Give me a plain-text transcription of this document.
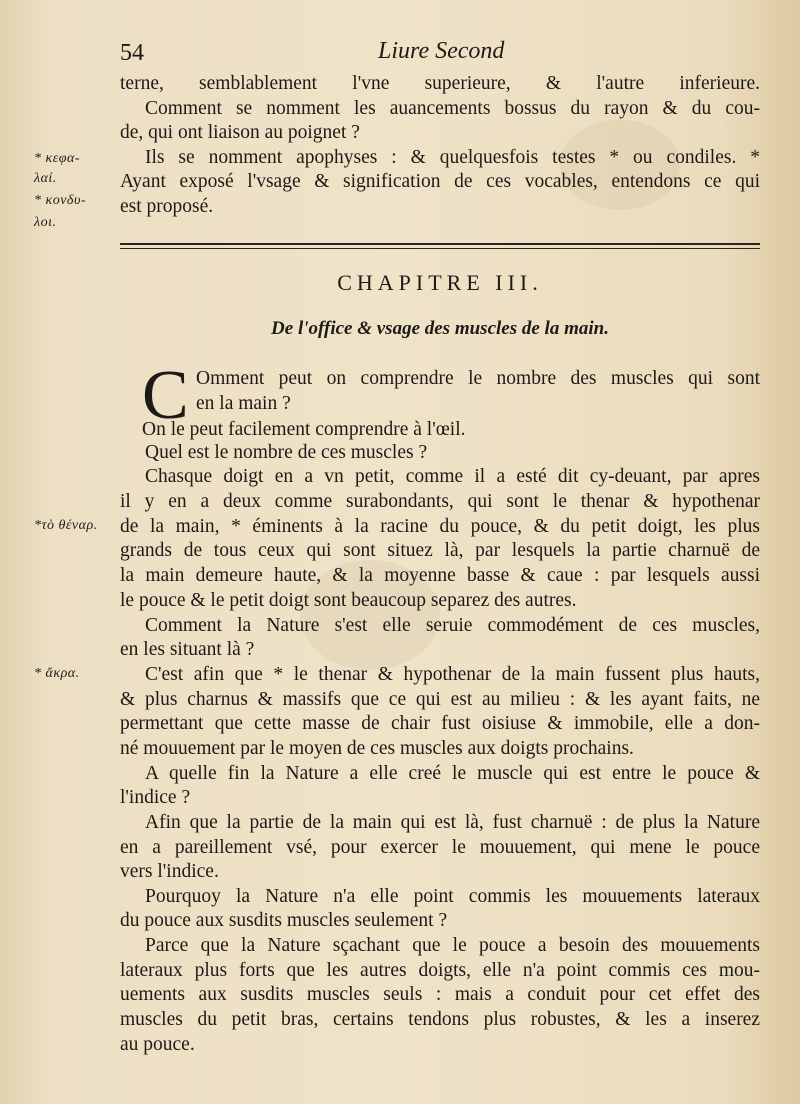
54	Liure Second
* κεφα-
λαί.
* κονδυ-
λοι.
*τὸ θέναρ.
* ἄκρα.
terne, semblablement l'vne superieure, & l'autre inferieure.
Comment se nomment les auancements bossus du rayon & du cou-
de, qui ont liaison au poignet ?
Ils se nomment apophyses : & quelquesfois testes * ou condiles. *
Ayant exposé l'vsage & signification de ces vocables, entendons ce qui
est proposé.
CHAPITRE III.
De l'office & vsage des muscles de la main.
C Omment peut on comprendre le nombre des muscles qui sont
en la main ?
On le peut facilement comprendre à l'œil.
Quel est le nombre de ces muscles ?
Chasque doigt en a vn petit, comme il a esté dit cy-deuant, par apres
il y en a deux comme surabondants, qui sont le thenar & hypothenar
de la main, * éminents à la racine du pouce, & du petit doigt, les plus
grands de tous ceux qui sont situez là, par lesquels la partie charnuë de
la main demeure haute, & la moyenne basse & caue : par lesquels aussi
le pouce & le petit doigt sont beaucoup separez des autres.
Comment la Nature s'est elle seruie commodément de ces muscles,
en les situant là ?
C'est afin que * le thenar & hypothenar de la main fussent plus hauts,
& plus charnus & massifs que ce qui est au milieu : & les ayant faits, ne
permettant que cette masse de chair fust oisiuse & immobile, elle a don-
né mouuement par le moyen de ces muscles aux doigts prochains.
A quelle fin la Nature a elle creé le muscle qui est entre le pouce &
l'indice ?
Afin que la partie de la main qui est là, fust charnuë : de plus la Nature
en a pareillement vsé, pour exercer le mouuement, qui mene le pouce
vers l'indice.
Pourquoy la Nature n'a elle point commis les mouuements lateraux
du pouce aux susdits muscles seulement ?
Parce que la Nature sçachant que le pouce a besoin des mouuements
lateraux plus forts que les autres doigts, elle n'a point commis ces mou-
uements aux susdits muscles seuls : mais a conduit pour cet effet des
muscles du petit bras, certains tendons plus robustes, & les a inserez
au pouce.
